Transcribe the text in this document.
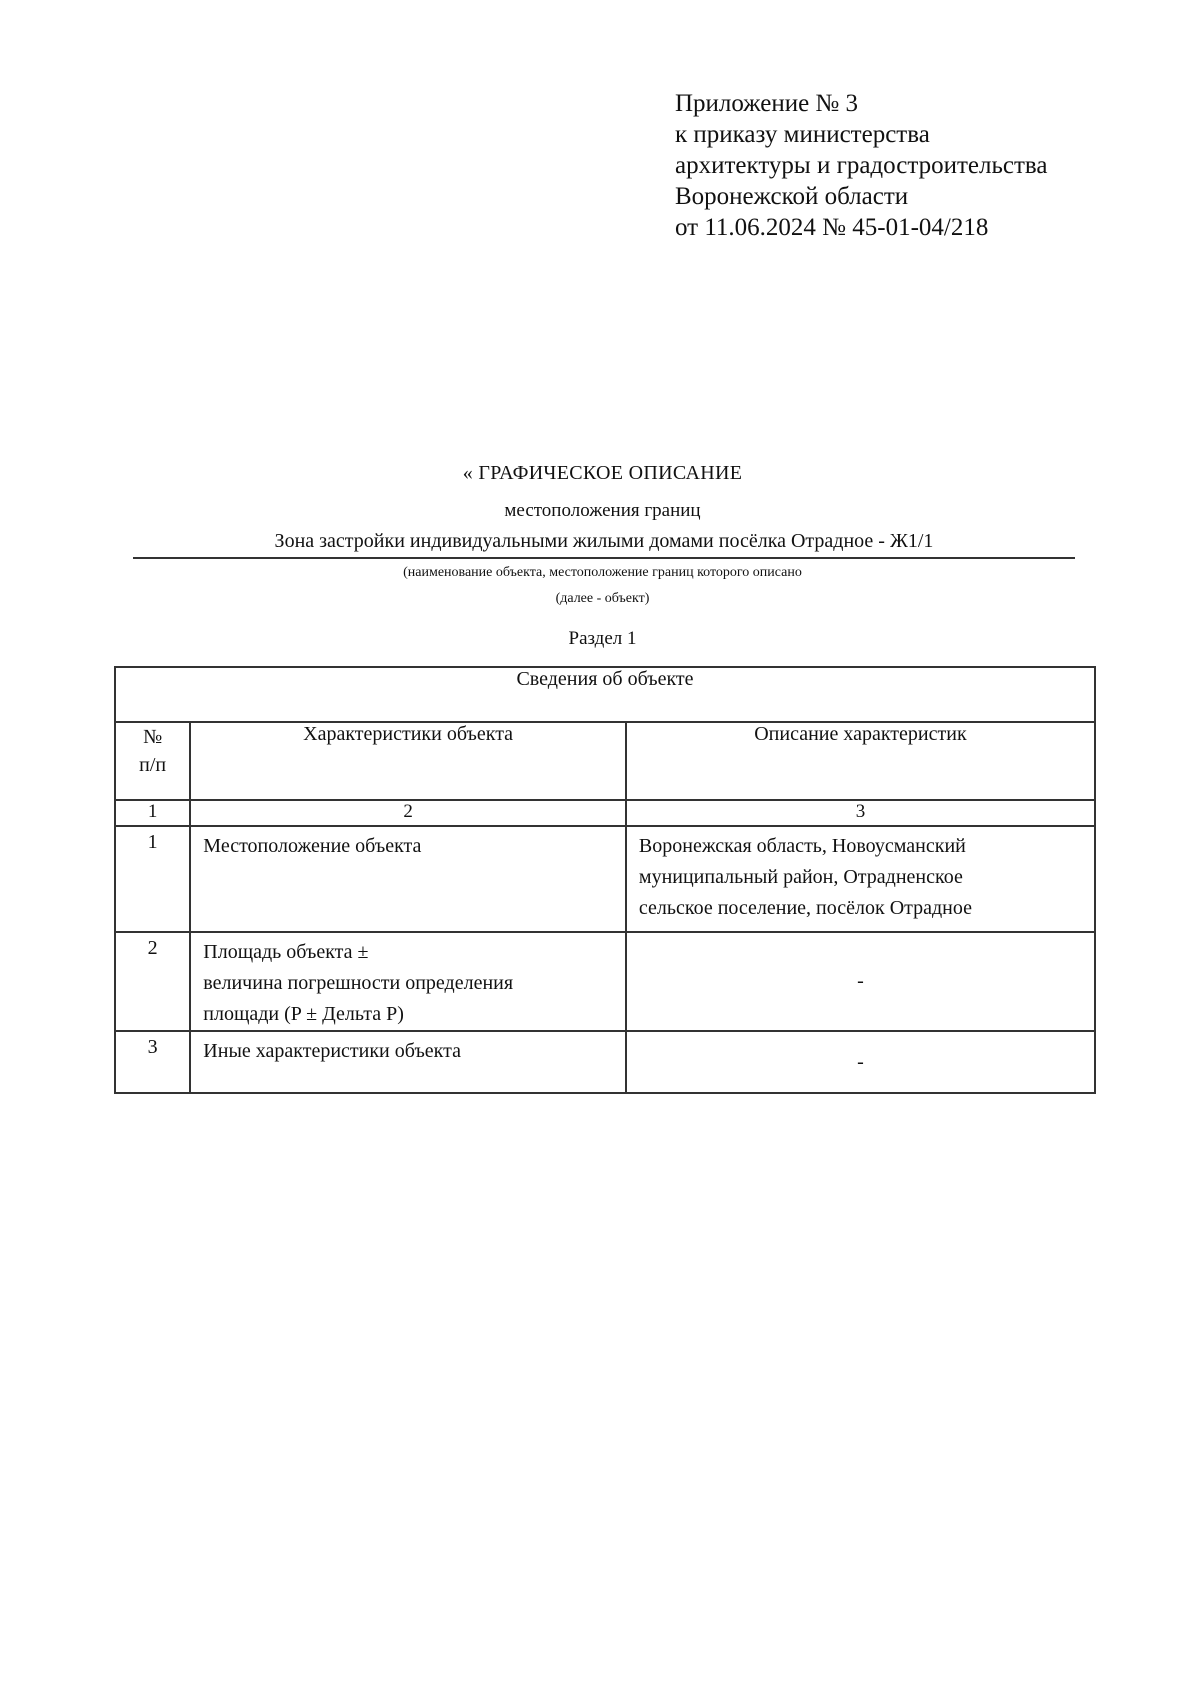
Приложение № 3
к приказу министерства
архитектуры и градостроительства
Воронежской области
от 11.06.2024 № 45-01-04/218
« ГРАФИЧЕСКОЕ ОПИСАНИЕ
местоположения границ
(наименование объекта, местоположение границ которого описано
(далее - объект)
Раздел 1
Зона застройки индивидуальными жилыми домами посёлка Отрадное - Ж1/1
Сведения об объекте		

№
п/п	Характеристики объекта	Описание характеристик
1	2	3
1	Местоположение объекта	Воронежская область, Новоусманский
муниципальный район, Отрадненское
сельское поселение, посёлок Отрадное

2	Площадь объекта ±
величина погрешности определения
площади (P ± Дельта P)	-

3	Иные характеристики объекта	-
